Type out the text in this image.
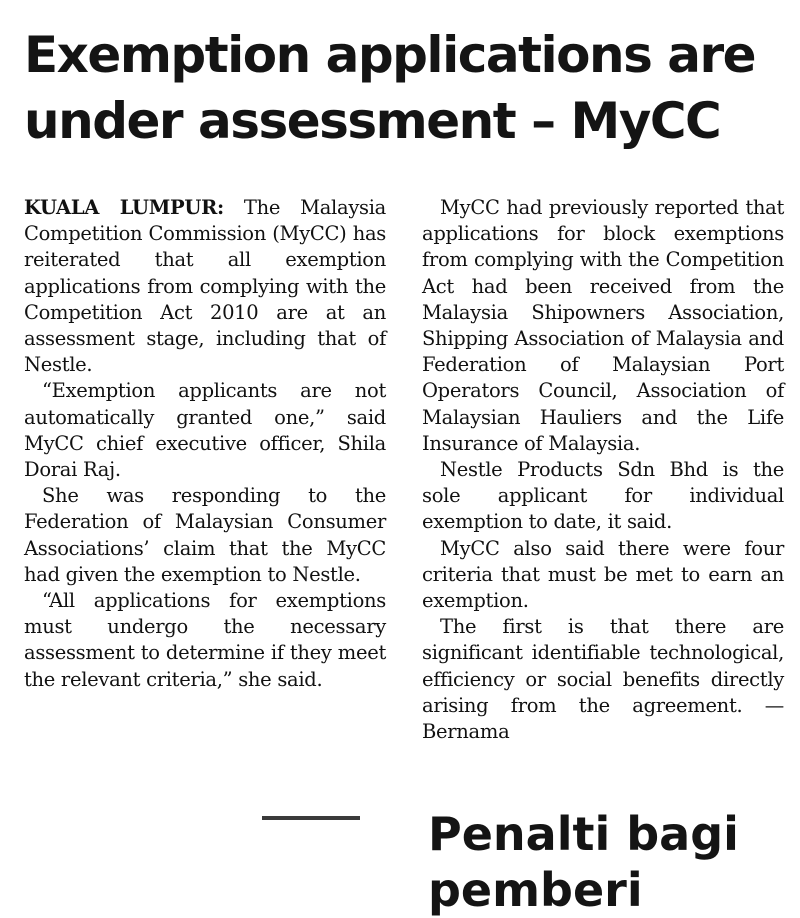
Exemption applications are under assessment – MyCC

KUALA LUMPUR: The Malaysia Competition Commission (MyCC) has reiterated that all exemption applications from complying with the Competition Act 2010 are at an assessment stage, including that of Nestle.

“Exemption applicants are not automatically granted one,” said MyCC chief executive officer, Shila Dorai Raj.

She was responding to the Federation of Malaysian Consumer Associations’ claim that the MyCC had given the exemption to Nestle.

“All applications for exemptions must undergo the necessary assessment to determine if they meet the relevant criteria,” she said.

MyCC had previously reported that applications for block exemptions from complying with the Competition Act had been received from the Malaysia Shipowners Association, Shipping Association of Malaysia and Federation of Malaysian Port Operators Council, Association of Malaysian Hauliers and the Life Insurance of Malaysia.

Nestle Products Sdn Bhd is the sole applicant for individual exemption to date, it said.

MyCC also said there were four criteria that must be met to earn an exemption.

The first is that there are significant identifiable technological, efficiency or social benefits directly arising from the agreement. — Bernama

Penalti bagi pemberi
